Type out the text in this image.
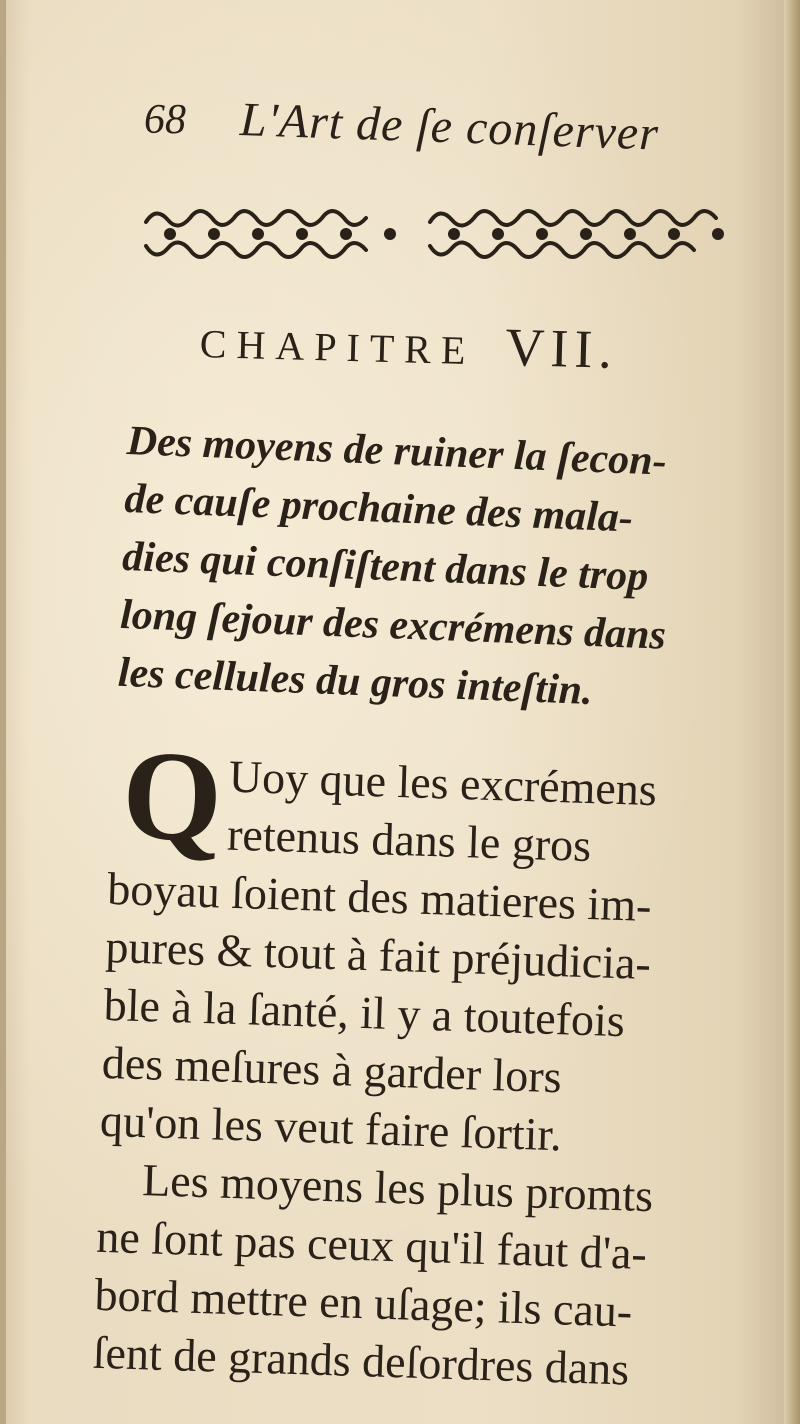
68 L'Art de ſe conſerver
CHAPITRE VII.
Des moyens de ruiner la ſecon-
de cauſe prochaine des mala-
dies qui conſiſtent dans le trop
long ſejour des excrémens dans
les cellules du gros inteſtin.
Q Uoy que les excrémens
retenus dans le gros
boyau ſoient des matieres im-
pures & tout à fait préjudicia-
ble à la ſanté, il y a toutefois
des meſures à garder lors
qu'on les veut faire ſortir.
Les moyens les plus promts
ne ſont pas ceux qu'il faut d'a-
bord mettre en uſage; ils cau-
ſent de grands deſordres dans
